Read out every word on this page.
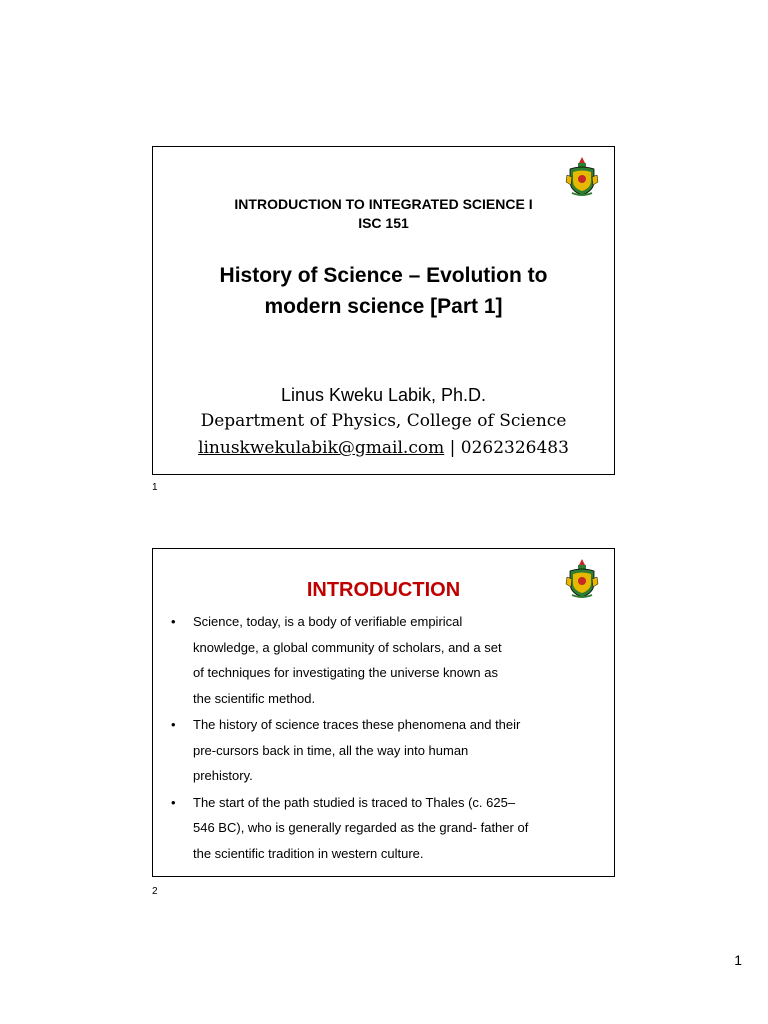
INTRODUCTION TO INTEGRATED SCIENCE I
ISC 151
History of Science – Evolution to
modern science [Part 1]
Linus Kweku Labik, Ph.D.
Department of Physics, College of Science
linuskwekulabik@gmail.com | 0262326483
1
INTRODUCTION
• Science, today, is a body of verifiable empirical
knowledge, a global community of scholars, and a set
of techniques for investigating the universe known as
the scientific method.
• The history of science traces these phenomena and their
pre-cursors back in time, all the way into human
prehistory.
• The start of the path studied is traced to Thales (c. 625–
546 BC), who is generally regarded as the grand- father of
the scientific tradition in western culture.
2
1
